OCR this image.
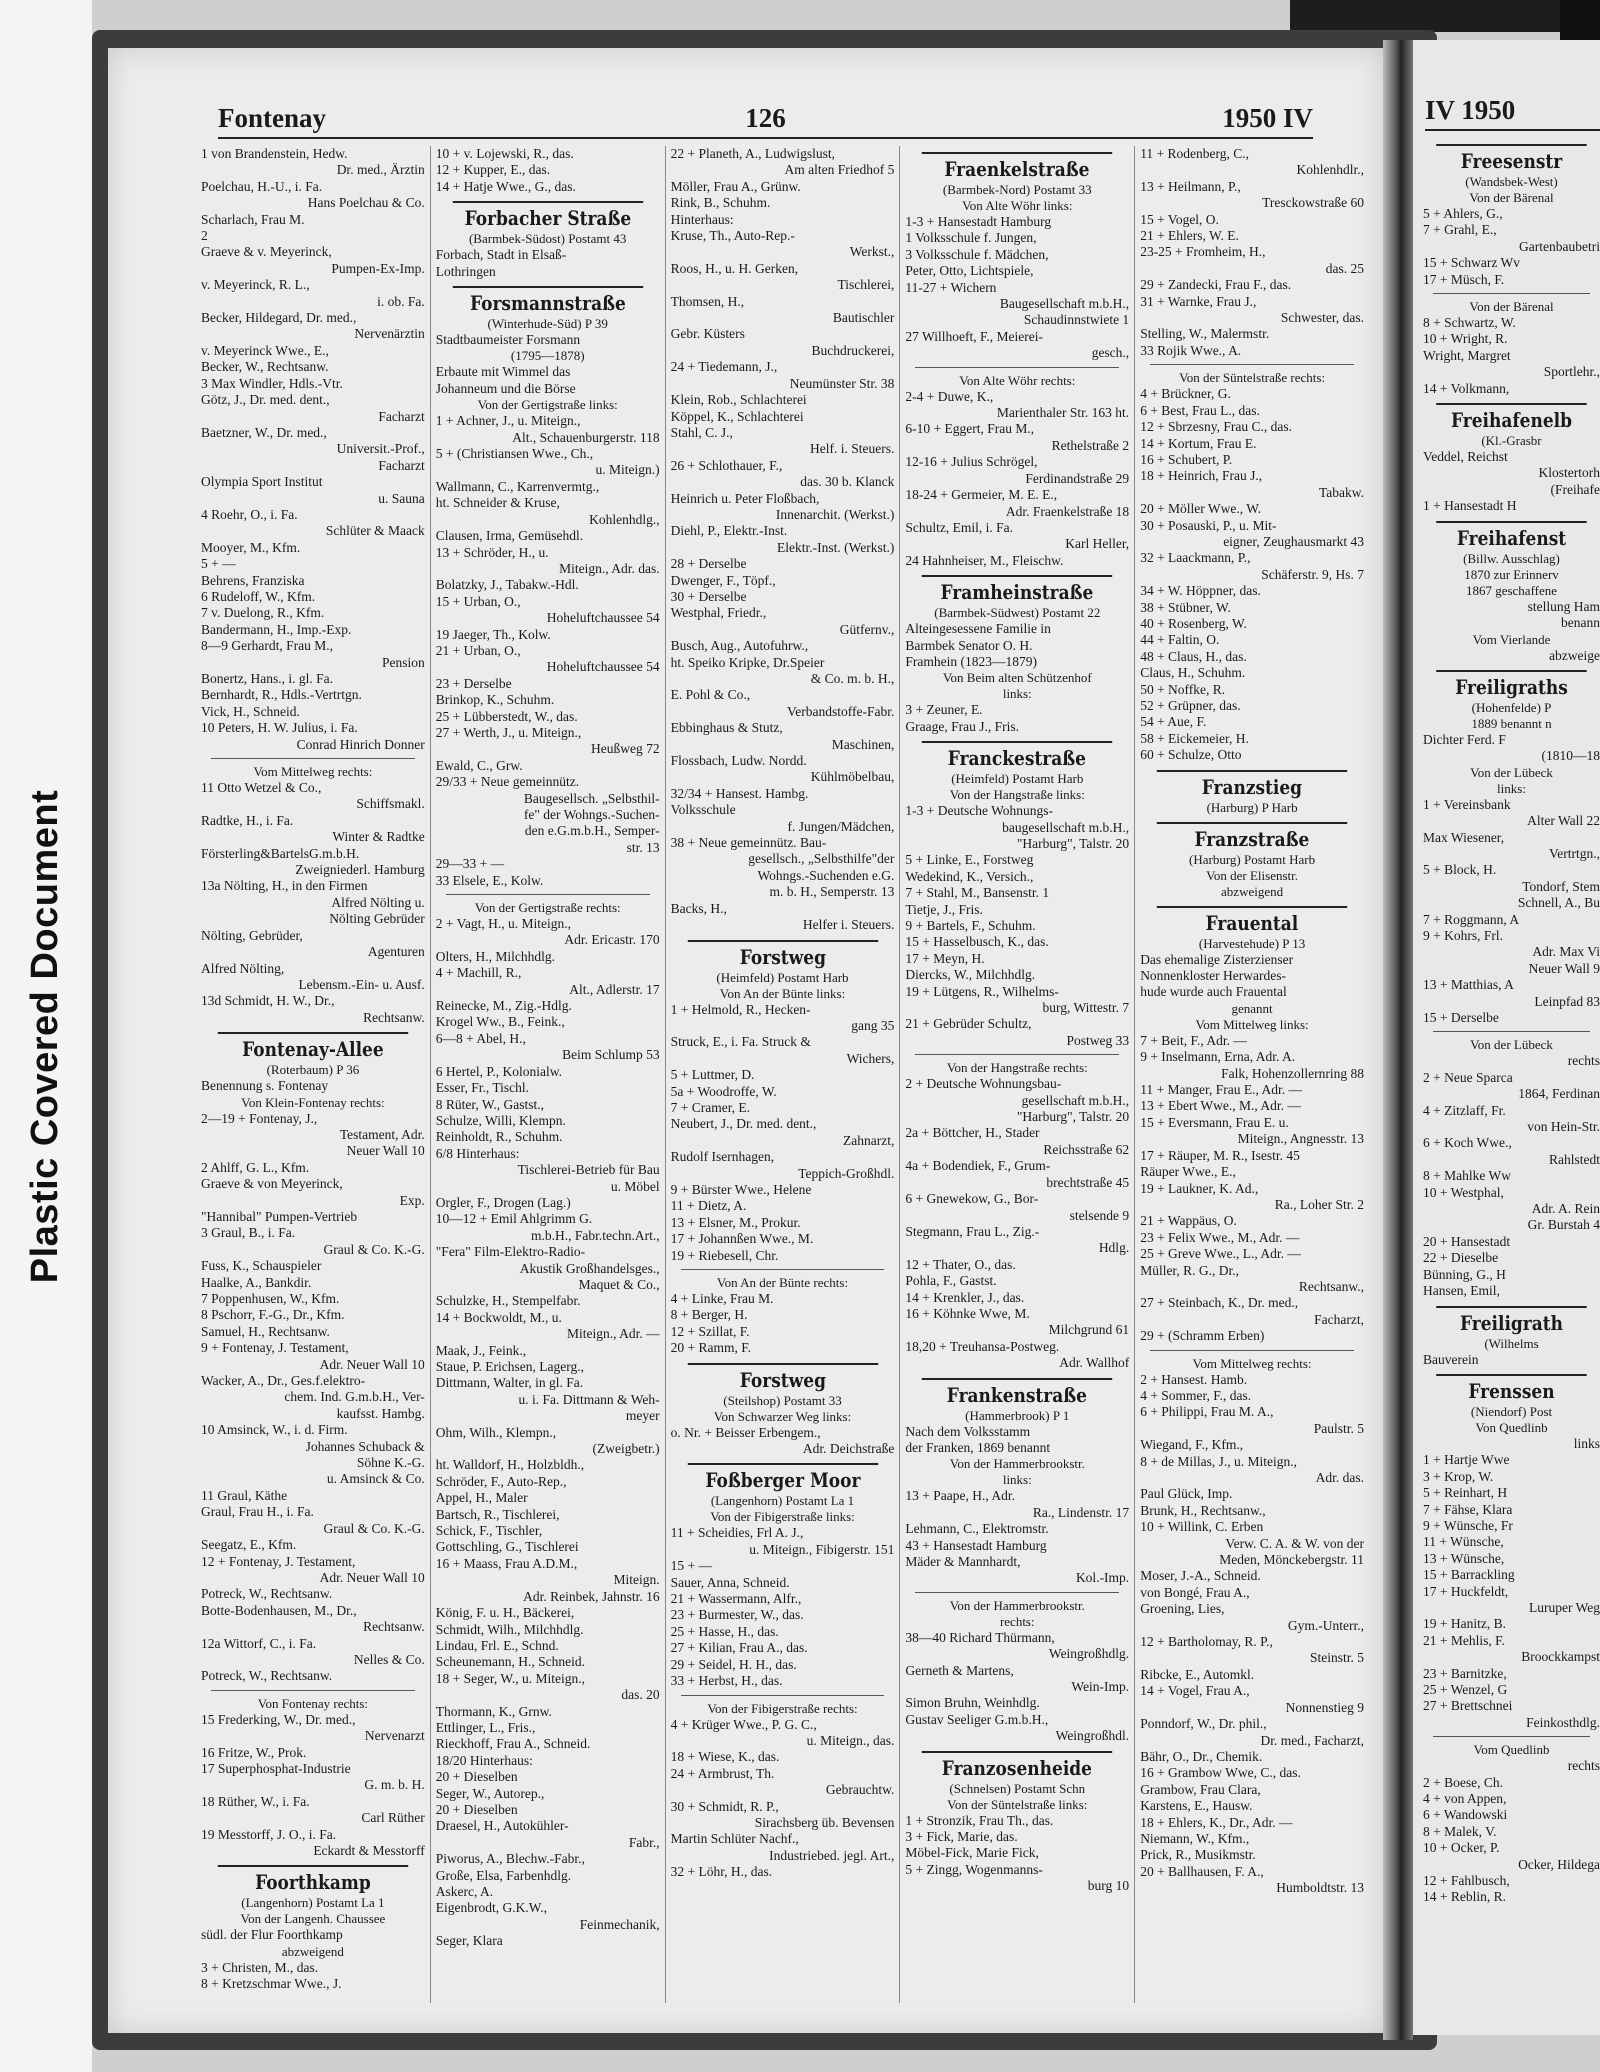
Plastic Covered Document
Fontenay	126	1950 IV
1 von Brandenstein, Hedw.
Dr. med., Ärztin
Poelchau, H.-U., i. Fa.
Hans Poelchau & Co.
Scharlach, Frau M.
2
Graeve & v. Meyerinck,
Pumpen-Ex-Imp.
v. Meyerinck, R. L.,
i. ob. Fa.
Becker, Hildegard, Dr. med.,
Nervenärztin
v. Meyerinck Wwe., E.,
Becker, W., Rechtsanw.
3 Max Windler, Hdls.-Vtr.
Götz, J., Dr. med. dent.,
Facharzt
Baetzner, W., Dr. med.,
Universit.-Prof.,
Facharzt
Olympia Sport Institut
u. Sauna
4 Roehr, O., i. Fa.
Schlüter & Maack
Mooyer, M., Kfm.
5 + —
Behrens, Franziska
6 Rudeloff, W., Kfm.
7 v. Duelong, R., Kfm.
Bandermann, H., Imp.-Exp.
8—9 Gerhardt, Frau M.,
Pension
Bonertz, Hans., i. gl. Fa.
Bernhardt, R., Hdls.-Vertrtgn.
Vick, H., Schneid.
10 Peters, H. W. Julius, i. Fa.
Conrad Hinrich Donner
Vom Mittelweg rechts:
11 Otto Wetzel & Co.,
Schiffsmakl.
Radtke, H., i. Fa.
Winter & Radtke
Försterling&BartelsG.m.b.H.
Zweigniederl. Hamburg
13a Nölting, H., in den Firmen
Alfred Nölting u.
Nölting Gebrüder
Nölting, Gebrüder,
Agenturen
Alfred Nölting,
Lebensm.-Ein- u. Ausf.
13d Schmidt, H. W., Dr.,
Rechtsanw.
Fontenay-Allee
(Roterbaum) P 36
Benennung s. Fontenay
Von Klein-Fontenay rechts:
2—19 + Fontenay, J.,
Testament, Adr.
Neuer Wall 10
2 Ahlff, G. L., Kfm.
Graeve & von Meyerinck,
Exp.
"Hannibal" Pumpen-Vertrieb
3 Graul, B., i. Fa.
Graul & Co. K.-G.
Fuss, K., Schauspieler
Haalke, A., Bankdir.
7 Poppenhusen, W., Kfm.
8 Pschorr, F.-G., Dr., Kfm.
Samuel, H., Rechtsanw.
9 + Fontenay, J. Testament,
Adr. Neuer Wall 10
Wacker, A., Dr., Ges.f.elektro-
chem. Ind. G.m.b.H., Ver-
kaufsst. Hambg.
10 Amsinck, W., i. d. Firm.
Johannes Schuback &
Söhne K.-G.
u. Amsinck & Co.
11 Graul, Käthe
Graul, Frau H., i. Fa.
Graul & Co. K.-G.
Seegatz, E., Kfm.
12 + Fontenay, J. Testament,
Adr. Neuer Wall 10
Potreck, W., Rechtsanw.
Botte-Bodenhausen, M., Dr.,
Rechtsanw.
12a Wittorf, C., i. Fa.
Nelles & Co.
Potreck, W., Rechtsanw.
Von Fontenay rechts:
15 Frederking, W., Dr. med.,
Nervenarzt
16 Fritze, W., Prok.
17 Superphosphat-Industrie
G. m. b. H.
18 Rüther, W., i. Fa.
Carl Rüther
19 Messtorff, J. O., i. Fa.
Eckardt & Messtorff
Foorthkamp
(Langenhorn) Postamt La 1
Von der Langenh. Chaussee
südl. der Flur Foorthkamp
abzweigend
3 + Christen, M., das.
8 + Kretzschmar Wwe., J.
10 + v. Lojewski, R., das.
12 + Kupper, E., das.
14 + Hatje Wwe., G., das.
Forbacher Straße
(Barmbek-Südost) Postamt 43
Forbach, Stadt in Elsaß-
Lothringen
Forsmannstraße
(Winterhude-Süd) P 39
Stadtbaumeister Forsmann
(1795—1878)
Erbaute mit Wimmel das
Johanneum und die Börse
Von der Gertigstraße links:
1 + Achner, J., u. Miteign.,
Alt., Schauenburgerstr. 118
5 + (Christiansen Wwe., Ch.,
u. Miteign.)
Wallmann, C., Karrenvermtg.,
ht. Schneider & Kruse,
Kohlenhdlg.,
Clausen, Irma, Gemüsehdl.
13 + Schröder, H., u.
Miteign., Adr. das.
Bolatzky, J., Tabakw.-Hdl.
15 + Urban, O.,
Hoheluftchaussee 54
19 Jaeger, Th., Kolw.
21 + Urban, O.,
Hoheluftchaussee 54
23 + Derselbe
Brinkop, K., Schuhm.
25 + Lübberstedt, W., das.
27 + Werth, J., u. Miteign.,
Heußweg 72
Ewald, C., Grw.
29/33 + Neue gemeinnütz.
Baugesellsch. „Selbsthil-
fe" der Wohngs.-Suchen-
den e.G.m.b.H., Semper-
str. 13
29—33 + —
33 Elsele, E., Kolw.
Von der Gertigstraße rechts:
2 + Vagt, H., u. Miteign.,
Adr. Ericastr. 170
Olters, H., Milchhdlg.
4 + Machill, R.,
Alt., Adlerstr. 17
Reinecke, M., Zig.-Hdlg.
Krogel Ww., B., Feink.,
6—8 + Abel, H.,
Beim Schlump 53
6 Hertel, P., Kolonialw.
Esser, Fr., Tischl.
8 Rüter, W., Gastst.,
Schulze, Willi, Klempn.
Reinholdt, R., Schuhm.
6/8 Hinterhaus:
Tischlerei-Betrieb für Bau
u. Möbel
Orgler, F., Drogen (Lag.)
10—12 + Emil Ahlgrimm G.
m.b.H., Fabr.techn.Art.,
"Fera" Film-Elektro-Radio-
Akustik Großhandelsges.,
Maquet & Co.,
Schulzke, H., Stempelfabr.
14 + Bockwoldt, M., u.
Miteign., Adr. —
Maak, J., Feink.,
Staue, P. Erichsen, Lagerg.,
Dittmann, Walter, in gl. Fa.
u. i. Fa. Dittmann & Weh-
meyer
Ohm, Wilh., Klempn.,
(Zweigbetr.)
ht. Walldorf, H., Holzbldh.,
Schröder, F., Auto-Rep.,
Appel, H., Maler
Bartsch, R., Tischlerei,
Schick, F., Tischler,
Gottschling, G., Tischlerei
16 + Maass, Frau A.D.M.,
Miteign.
Adr. Reinbek, Jahnstr. 16
König, F. u. H., Bäckerei,
Schmidt, Wilh., Milchhdlg.
Lindau, Frl. E., Schnd.
Scheunemann, H., Schneid.
18 + Seger, W., u. Miteign.,
das. 20
Thormann, K., Grnw.
Ettlinger, L., Fris.,
Rieckhoff, Frau A., Schneid.
18/20 Hinterhaus:
20 + Dieselben
Seger, W., Autorep.,
20 + Dieselben
Draesel, H., Autokühler-
Fabr.,
Piworus, A., Blechw.-Fabr.,
Große, Elsa, Farbenhdlg.
Askerc, A.
Eigenbrodt, G.K.W.,
Feinmechanik,
Seger, Klara
22 + Planeth, A., Ludwigslust,
Am alten Friedhof 5
Möller, Frau A., Grünw.
Rink, B., Schuhm.
Hinterhaus:
Kruse, Th., Auto-Rep.-
Werkst.,
Roos, H., u. H. Gerken,
Tischlerei,
Thomsen, H.,
Bautischler
Gebr. Küsters
Buchdruckerei,
24 + Tiedemann, J.,
Neumünster Str. 38
Klein, Rob., Schlachterei
Köppel, K., Schlachterei
Stahl, C. J.,
Helf. i. Steuers.
26 + Schlothauer, F.,
das. 30 b. Klanck
Heinrich u. Peter Floßbach,
Innenarchit. (Werkst.)
Diehl, P., Elektr.-Inst.
Elektr.-Inst. (Werkst.)
28 + Derselbe
Dwenger, F., Töpf.,
30 + Derselbe
Westphal, Friedr.,
Gütfernv.,
Busch, Aug., Autofuhrw.,
ht. Speiko Kripke, Dr.Speier
& Co. m. b. H.,
E. Pohl & Co.,
Verbandstoffe-Fabr.
Ebbinghaus & Stutz,
Maschinen,
Flossbach, Ludw. Nordd.
Kühlmöbelbau,
32/34 + Hansest. Hambg.
Volksschule
f. Jungen/Mädchen,
38 + Neue gemeinnütz. Bau-
gesellsch., „Selbsthilfe"der
Wohngs.-Suchenden e.G.
m. b. H., Semperstr. 13
Backs, H.,
Helfer i. Steuers.
Forstweg
(Heimfeld) Postamt Harb
Von An der Bünte links:
1 + Helmold, R., Hecken-
gang 35
Struck, E., i. Fa. Struck &
Wichers,
5 + Luttmer, D.
5a + Woodroffe, W.
7 + Cramer, E.
Neubert, J., Dr. med. dent.,
Zahnarzt,
Rudolf Isernhagen,
Teppich-Großhdl.
9 + Bürster Wwe., Helene
11 + Dietz, A.
13 + Elsner, M., Prokur.
17 + Johannßen Wwe., M.
19 + Riebesell, Chr.
Von An der Bünte rechts:
4 + Linke, Frau M.
8 + Berger, H.
12 + Szillat, F.
20 + Ramm, F.
Forstweg
(Steilshop) Postamt 33
Von Schwarzer Weg links:
o. Nr. + Beisser Erbengem.,
Adr. Deichstraße
Foßberger Moor
(Langenhorn) Postamt La 1
Von der Fibigerstraße links:
11 + Scheidies, Frl A. J.,
u. Miteign., Fibigerstr. 151
15 + —
Sauer, Anna, Schneid.
21 + Wassermann, Alfr.,
23 + Burmester, W., das.
25 + Hasse, H., das.
27 + Kilian, Frau A., das.
29 + Seidel, H. H., das.
33 + Herbst, H., das.
Von der Fibigerstraße rechts:
4 + Krüger Wwe., P. G. C.,
u. Miteign., das.
18 + Wiese, K., das.
24 + Armbrust, Th.
Gebrauchtw.
30 + Schmidt, R. P.,
Sirachsberg üb. Bevensen
Martin Schlüter Nachf.,
Industriebed. jegl. Art.,
32 + Löhr, H., das.
Fraenkelstraße
(Barmbek-Nord) Postamt 33
Von Alte Wöhr links:
1-3 + Hansestadt Hamburg
1 Volksschule f. Jungen,
3 Volksschule f. Mädchen,
Peter, Otto, Lichtspiele,
11-27 + Wichern
Baugesellschaft m.b.H.,
Schaudinnstwiete 1
27 Willhoeft, F., Meierei-
gesch.,
Von Alte Wöhr rechts:
2-4 + Duwe, K.,
Marienthaler Str. 163 ht.
6-10 + Eggert, Frau M.,
Rethelstraße 2
12-16 + Julius Schrögel,
Ferdinandstraße 29
18-24 + Germeier, M. E. E.,
Adr. Fraenkelstraße 18
Schultz, Emil, i. Fa.
Karl Heller,
24 Hahnheiser, M., Fleischw.
Framheinstraße
(Barmbek-Südwest) Postamt 22
Alteingesessene Familie in
Barmbek Senator O. H.
Framhein (1823—1879)
Von Beim alten Schützenhof
links:
3 + Zeuner, E.
Graage, Frau J., Fris.
Franckestraße
(Heimfeld) Postamt Harb
Von der Hangstraße links:
1-3 + Deutsche Wohnungs-
baugesellschaft m.b.H.,
"Harburg", Talstr. 20
5 + Linke, E., Forstweg
Wedekind, K., Versich.,
7 + Stahl, M., Bansenstr. 1
Tietje, J., Fris.
9 + Bartels, F., Schuhm.
15 + Hasselbusch, K., das.
17 + Meyn, H.
Diercks, W., Milchhdlg.
19 + Lütgens, R., Wilhelms-
burg, Wittestr. 7
21 + Gebrüder Schultz,
Postweg 33
Von der Hangstraße rechts:
2 + Deutsche Wohnungsbau-
gesellschaft m.b.H.,
"Harburg", Talstr. 20
2a + Böttcher, H., Stader
Reichsstraße 62
4a + Bodendiek, F., Grum-
brechtstraße 45
6 + Gnewekow, G., Bor-
stelsende 9
Stegmann, Frau L., Zig.-
Hdlg.
12 + Thater, O., das.
Pohla, F., Gastst.
14 + Krenkler, J., das.
16 + Köhnke Wwe, M.
Milchgrund 61
18,20 + Treuhansa-Postweg.
Adr. Wallhof
Frankenstraße
(Hammerbrook) P 1
Nach dem Volksstamm
der Franken, 1869 benannt
Von der Hammerbrookstr.
links:
13 + Paape, H., Adr.
Ra., Lindenstr. 17
Lehmann, C., Elektromstr.
43 + Hansestadt Hamburg
Mäder & Mannhardt,
Kol.-Imp.
Von der Hammerbrookstr.
rechts:
38—40 Richard Thürmann,
Weingroßhdlg.
Gerneth & Martens,
Wein-Imp.
Simon Bruhn, Weinhdlg.
Gustav Seeliger G.m.b.H.,
Weingroßhdl.
Franzosenheide
(Schnelsen) Postamt Schn
Von der Süntelstraße links:
1 + Stronzik, Frau Th., das.
3 + Fick, Marie, das.
Möbel-Fick, Marie Fick,
5 + Zingg, Wogenmanns-
burg 10
11 + Rodenberg, C.,
Kohlenhdlr.,
13 + Heilmann, P.,
Tresckowstraße 60
15 + Vogel, O.
21 + Ehlers, W. E.
23-25 + Fromheim, H.,
das. 25
29 + Zandecki, Frau F., das.
31 + Warnke, Frau J.,
Schwester, das.
Stelling, W., Malermstr.
33 Rojik Wwe., A.
Von der Süntelstraße rechts:
4 + Brückner, G.
6 + Best, Frau L., das.
12 + Sbrzesny, Frau C., das.
14 + Kortum, Frau E.
16 + Schubert, P.
18 + Heinrich, Frau J.,
Tabakw.
20 + Möller Wwe., W.
30 + Posauski, P., u. Mit-
eigner, Zeughausmarkt 43
32 + Laackmann, P.,
Schäferstr. 9, Hs. 7
34 + W. Höppner, das.
38 + Stübner, W.
40 + Rosenberg, W.
44 + Faltin, O.
48 + Claus, H., das.
Claus, H., Schuhm.
50 + Noffke, R.
52 + Grüpner, das.
54 + Aue, F.
58 + Eickemeier, H.
60 + Schulze, Otto
Franzstieg
(Harburg) P Harb
Franzstraße
(Harburg) Postamt Harb
Von der Elisenstr.
abzweigend
Frauental
(Harvestehude) P 13
Das ehemalige Zisterzienser
Nonnenkloster Herwardes-
hude wurde auch Frauental
genannt
Vom Mittelweg links:
7 + Beit, F., Adr. —
9 + Inselmann, Erna, Adr. A.
Falk, Hohenzollernring 88
11 + Manger, Frau E., Adr. —
13 + Ebert Wwe., M., Adr. —
15 + Eversmann, Frau E. u.
Miteign., Angnesstr. 13
17 + Räuper, M. R., Isestr. 45
Räuper Wwe., E.,
19 + Laukner, K. Ad.,
Ra., Loher Str. 2
21 + Wappäus, O.
23 + Felix Wwe., M., Adr. —
25 + Greve Wwe., L., Adr. —
Müller, R. G., Dr.,
Rechtsanw.,
27 + Steinbach, K., Dr. med.,
Facharzt,
29 + (Schramm Erben)
Vom Mittelweg rechts:
2 + Hansest. Hamb.
4 + Sommer, F., das.
6 + Philippi, Frau M. A.,
Paulstr. 5
Wiegand, F., Kfm.,
8 + de Millas, J., u. Miteign.,
Adr. das.
Paul Glück, Imp.
Brunk, H., Rechtsanw.,
10 + Willink, C. Erben
Verw. C. A. & W. von der
Meden, Mönckebergstr. 11
Moser, J.-A., Schneid.
von Bongé, Frau A.,
Groening, Lies,
Gym.-Unterr.,
12 + Bartholomay, R. P.,
Steinstr. 5
Ribcke, E., Automkl.
14 + Vogel, Frau A.,
Nonnenstieg 9
Ponndorf, W., Dr. phil.,
Dr. med., Facharzt,
Bähr, O., Dr., Chemik.
16 + Grambow Wwe, C., das.
Grambow, Frau Clara,
Karstens, E., Hausw.
18 + Ehlers, K., Dr., Adr. —
Niemann, W., Kfm.,
Prick, R., Musikmstr.
20 + Ballhausen, F. A.,
Humboldtstr. 13
IV 1950
Freesenstr
(Wandsbek-West)
Von der Bärenal
5 + Ahlers, G.,
7 + Grahl, E.,
Gartenbaubetri
15 + Schwarz Wv
17 + Müsch, F.
Von der Bärenal
8 + Schwartz, W.
10 + Wright, R.
Wright, Margret
Sportlehr.,
14 + Volkmann,
Freihafenelb
(Kl.-Grasbr
Veddel, Reichst
Klostertorh
(Freihafe
1 + Hansestadt H
Freihafenst
(Billw. Ausschlag)
1870 zur Erinnerv
1867 geschaffene
stellung Ham
benann
Vom Vierlande
abzweige
Freiligraths
(Hohenfelde) P
1889 benannt n
Dichter Ferd. F
(1810—18
Von der Lübeck
links:
1 + Vereinsbank
Alter Wall 22
Max Wiesener,
Vertrtgn.,
5 + Block, H.
Tondorf, Stem
Schnell, A., Bu
7 + Roggmann, A
9 + Kohrs, Frl.
Adr. Max Vi
Neuer Wall 9
13 + Matthias, A
Leinpfad 83
15 + Derselbe
Von der Lübeck
rechts
2 + Neue Sparca
1864, Ferdinan
4 + Zitzlaff, Fr.
von Hein-Str.
6 + Koch Wwe.,
Rahlstedt
8 + Mahlke Ww
10 + Westphal,
Adr. A. Rein
Gr. Burstah 4
20 + Hansestadt
22 + Dieselbe
Bünning, G., H
Hansen, Emil,
Freiligrath
(Wilhelms
Bauverein
Frenssen
(Niendorf) Post
Von Quedlinb
links
1 + Hartje Wwe
3 + Krop, W.
5 + Reinhart, H
7 + Fähse, Klara
9 + Wünsche, Fr
11 + Wünsche,
13 + Wünsche,
15 + Barrackling
17 + Huckfeldt,
Luruper Weg
19 + Hanitz, B.
21 + Mehlis, F.
Broockkampst
23 + Barnitzke,
25 + Wenzel, G
27 + Brettschnei
Feinkosthdlg.
Vom Quedlinb
rechts
2 + Boese, Ch.
4 + von Appen,
6 + Wandowski
8 + Malek, V.
10 + Ocker, P.
Ocker, Hildega
12 + Fahlbusch,
14 + Reblin, R.
